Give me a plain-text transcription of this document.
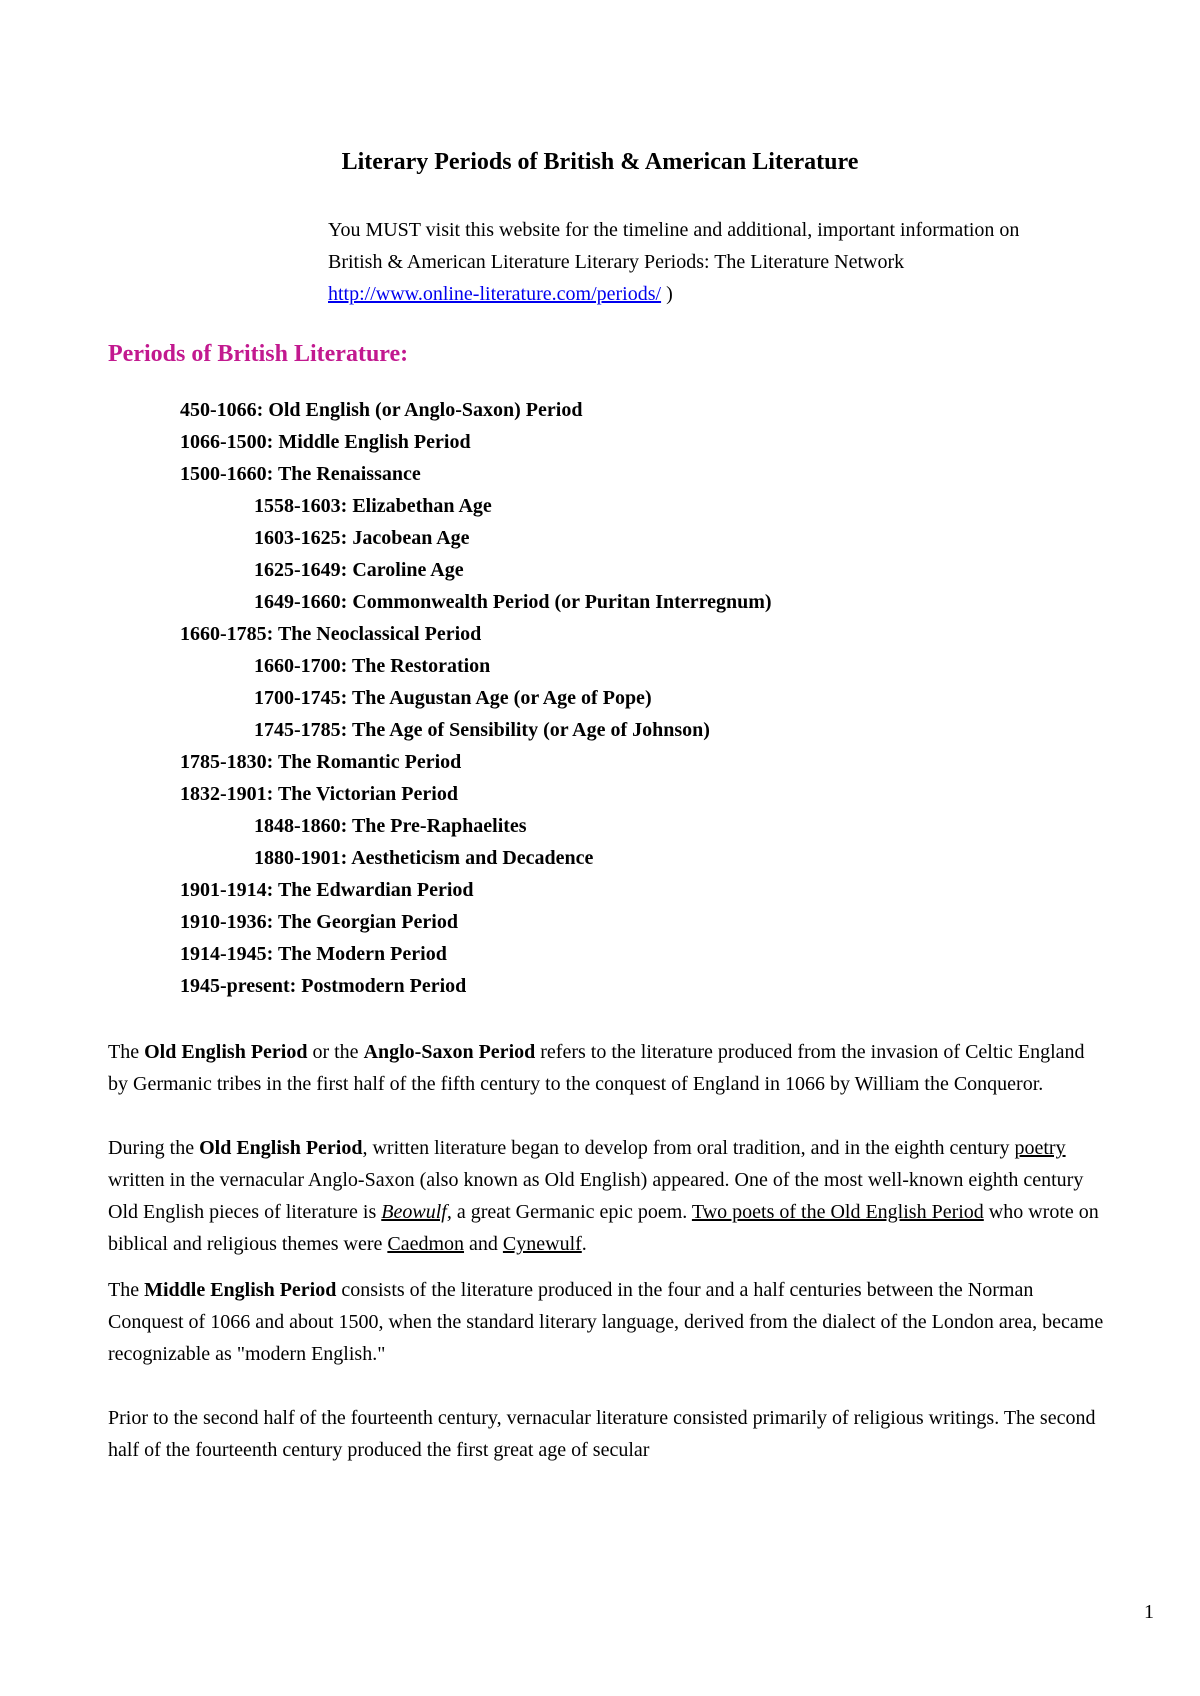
Literary Periods of British & American Literature

You MUST visit this website for the timeline and additional, important information on British & American Literature Literary Periods: The Literature Network http://www.online-literature.com/periods/ )

Periods of British Literature:
450-1066: Old English (or Anglo-Saxon) Period
1066-1500: Middle English Period
1500-1660: The Renaissance
1558-1603: Elizabethan Age
1603-1625: Jacobean Age
1625-1649: Caroline Age
1649-1660: Commonwealth Period (or Puritan Interregnum)
1660-1785: The Neoclassical Period
1660-1700: The Restoration
1700-1745: The Augustan Age (or Age of Pope)
1745-1785: The Age of Sensibility (or Age of Johnson)
1785-1830: The Romantic Period
1832-1901: The Victorian Period
1848-1860: The Pre-Raphaelites
1880-1901: Aestheticism and Decadence
1901-1914: The Edwardian Period
1910-1936: The Georgian Period
1914-1945: The Modern Period
1945-present: Postmodern Period

The Old English Period or the Anglo-Saxon Period refers to the literature produced from the invasion of Celtic England by Germanic tribes in the first half of the fifth century to the conquest of England in 1066 by William the Conqueror.

During the Old English Period, written literature began to develop from oral tradition, and in the eighth century poetry written in the vernacular Anglo-Saxon (also known as Old English) appeared. One of the most well-known eighth century Old English pieces of literature is Beowulf, a great Germanic epic poem. Two poets of the Old English Period who wrote on biblical and religious themes were Caedmon and Cynewulf.

The Middle English Period consists of the literature produced in the four and a half centuries between the Norman Conquest of 1066 and about 1500, when the standard literary language, derived from the dialect of the London area, became recognizable as "modern English."

Prior to the second half of the fourteenth century, vernacular literature consisted primarily of religious writings. The second half of the fourteenth century produced the first great age of secular

1
